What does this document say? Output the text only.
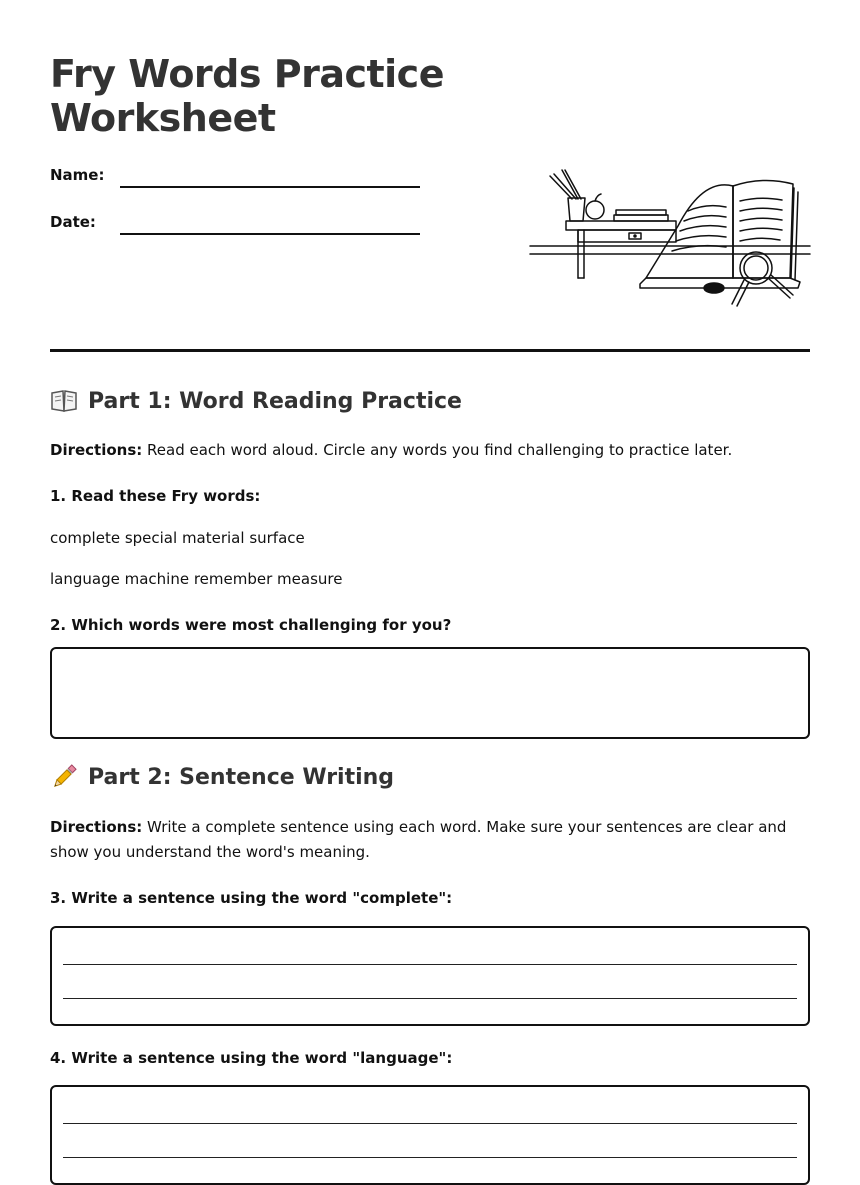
Fry Words Practice Worksheet
Name:
Date:
Part 1: Word Reading Practice
Directions: Read each word aloud. Circle any words you find challenging to practice later.
1. Read these Fry words:
complete special material surface
language machine remember measure
2. Which words were most challenging for you?
Part 2: Sentence Writing
Directions: Write a complete sentence using each word. Make sure your sentences are clear and show you understand the word's meaning.
3. Write a sentence using the word "complete":
4. Write a sentence using the word "language":
